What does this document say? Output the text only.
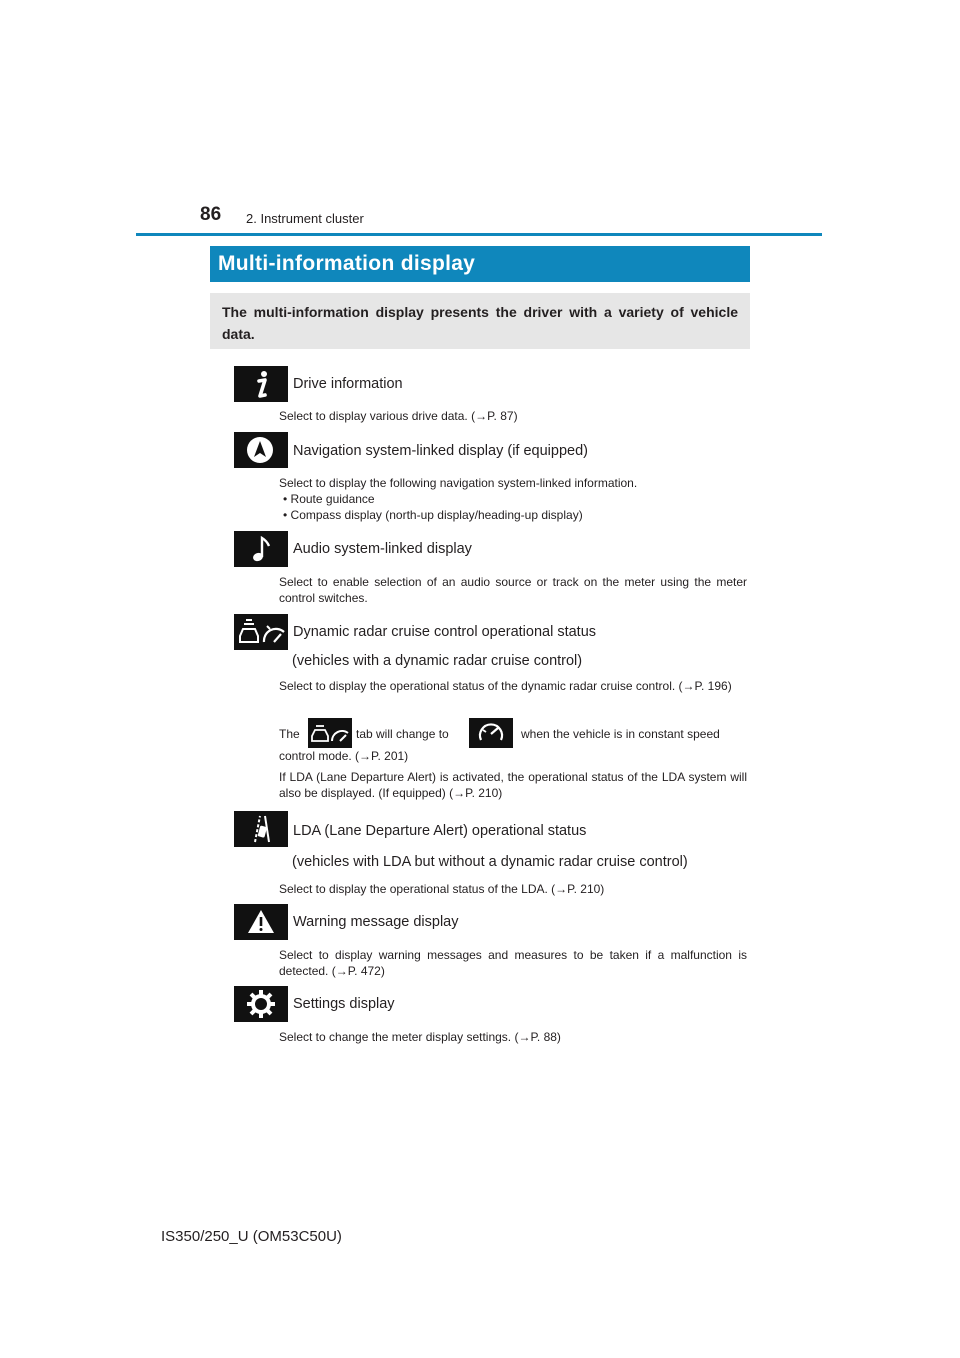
86 2. Instrument cluster
Multi-information display
The multi-information display presents the driver with a variety of vehicle data.
Drive information
Select to display various drive data. (→P. 87)
Navigation system-linked display (if equipped)
Select to display the following navigation system-linked information.
• Route guidance
• Compass display (north-up display/heading-up display)
Audio system-linked display
Select to enable selection of an audio source or track on the meter using the meter control switches.
Dynamic radar cruise control operational status
(vehicles with a dynamic radar cruise control)
Select to display the operational status of the dynamic radar cruise control. (→P. 196)
The	tab will change to	when the vehicle is in constant speed
control mode. (→P. 201)
If LDA (Lane Departure Alert) is activated, the operational status of the LDA system will also be displayed. (If equipped) (→P. 210)
LDA (Lane Departure Alert) operational status
(vehicles with LDA but without a dynamic radar cruise control)
Select to display the operational status of the LDA. (→P. 210)
Warning message display
Select to display warning messages and measures to be taken if a malfunction is detected. (→P. 472)
Settings display
Select to change the meter display settings. (→P. 88)
IS350/250_U (OM53C50U)
